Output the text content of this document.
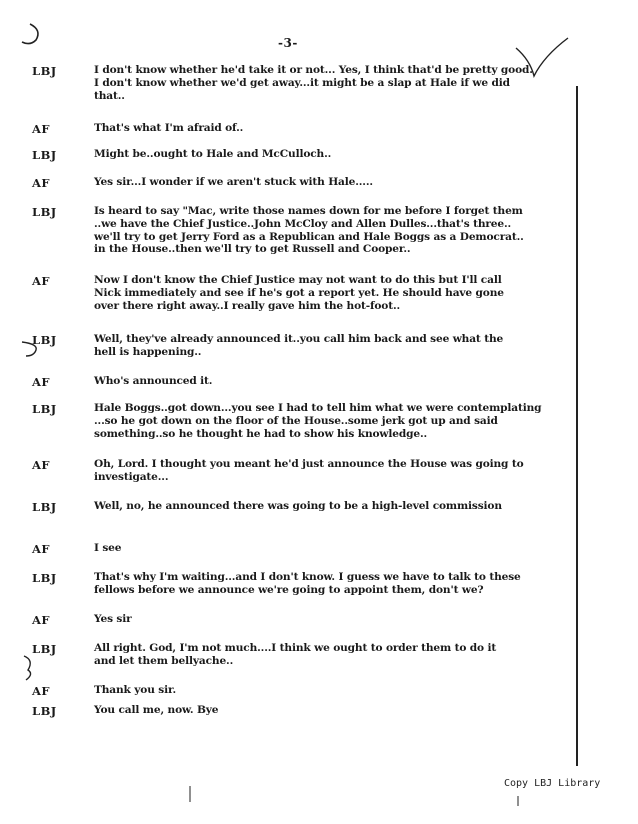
-3-
LBJ	I don't know whether he'd take it or not... Yes, I think that'd be pretty good.
I don't know whether we'd get away...it might be a slap at Hale if we did
that..
AF	That's what I'm afraid of..
LBJ	Might be..ought to Hale and McCulloch..
AF	Yes sir...I wonder if we aren't stuck with Hale.....
LBJ	Is heard to say "Mac, write those names down for me before I forget them
..we have the Chief Justice..John McCloy and Allen Dulles...that's three..
we'll try to get Jerry Ford as a Republican and Hale Boggs as a Democrat..
in the House..then we'll try to get Russell and Cooper..
AF	Now I don't know the Chief Justice may not want to do this but I'll call
Nick immediately and see if he's got a report yet. He should have gone
over there right away..I really gave him the hot-foot..
LBJ	Well, they've already announced it..you call him back and see what the
hell is happening..
AF	Who's announced it.
LBJ	Hale Boggs..got down...you see I had to tell him what we were contemplating
...so he got down on the floor of the House..some jerk got up and said
something..so he thought he had to show his knowledge..
AF	Oh, Lord. I thought you meant he'd just announce the House was going to
investigate...
LBJ	Well, no, he announced there was going to be a high-level commission
AF	I see
LBJ	That's why I'm waiting...and I don't know. I guess we have to talk to these
fellows before we announce we're going to appoint them, don't we?
AF	Yes sir
LBJ	All right. God, I'm not much....I think we ought to order them to do it
and let them bellyache..
AF	Thank you sir.
LBJ	You call me, now. Bye
Copy LBJ Library
